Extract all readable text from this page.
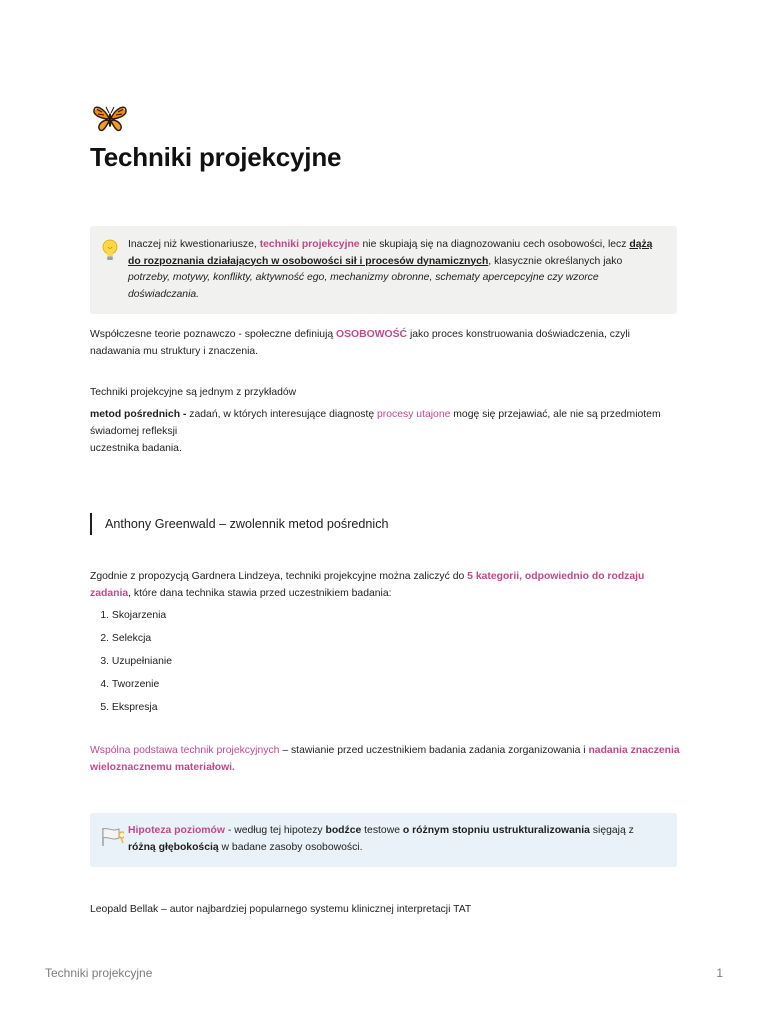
Techniki projekcyjne
Inaczej niż kwestionariusze, techniki projekcyjne nie skupiają się na diagnozowaniu cech osobowości, lecz dążą do rozpoznania działających w osobowości sił i procesów dynamicznych, klasycznie określanych jako potrzeby, motywy, konflikty, aktywność ego, mechanizmy obronne, schematy apercepcyjne czy wzorce doświadczania.

Współczesne teorie poznawczo - społeczne definiują OSOBOWOŚĆ jako proces konstruowania doświadczenia, czyli nadawania mu struktury i znaczenia.

Techniki projekcyjne są jednym z przykładów

metod pośrednich - zadań, w których interesujące diagnostę procesy utajone mogę się przejawiać, ale nie są przedmiotem świadomej refleksji
uczestnika badania.

Anthony Greenwald – zwolennik metod pośrednich

Zgodnie z propozycją Gardnera Lindzeya, techniki projekcyjne można zaliczyć do 5 kategorii, odpowiednio do rodzaju zadania, które dana technika stawia przed uczestnikiem badania:

1. Skojarzenia
2. Selekcja
3. Uzupełnianie
4. Tworzenie
5. Ekspresja

Wspólna podstawa technik projekcyjnych – stawianie przed uczestnikiem badania zadania zorganizowania i nadania znaczenia wieloznacznemu materiałowi.

Hipoteza poziomów - według tej hipotezy bodźce testowe o różnym stopniu ustrukturalizowania sięgają z różną głębokością w badane zasoby osobowości.

Leopald Bellak – autor najbardziej popularnego systemu klinicznej interpretacji TAT

Techniki projekcyjne	1
